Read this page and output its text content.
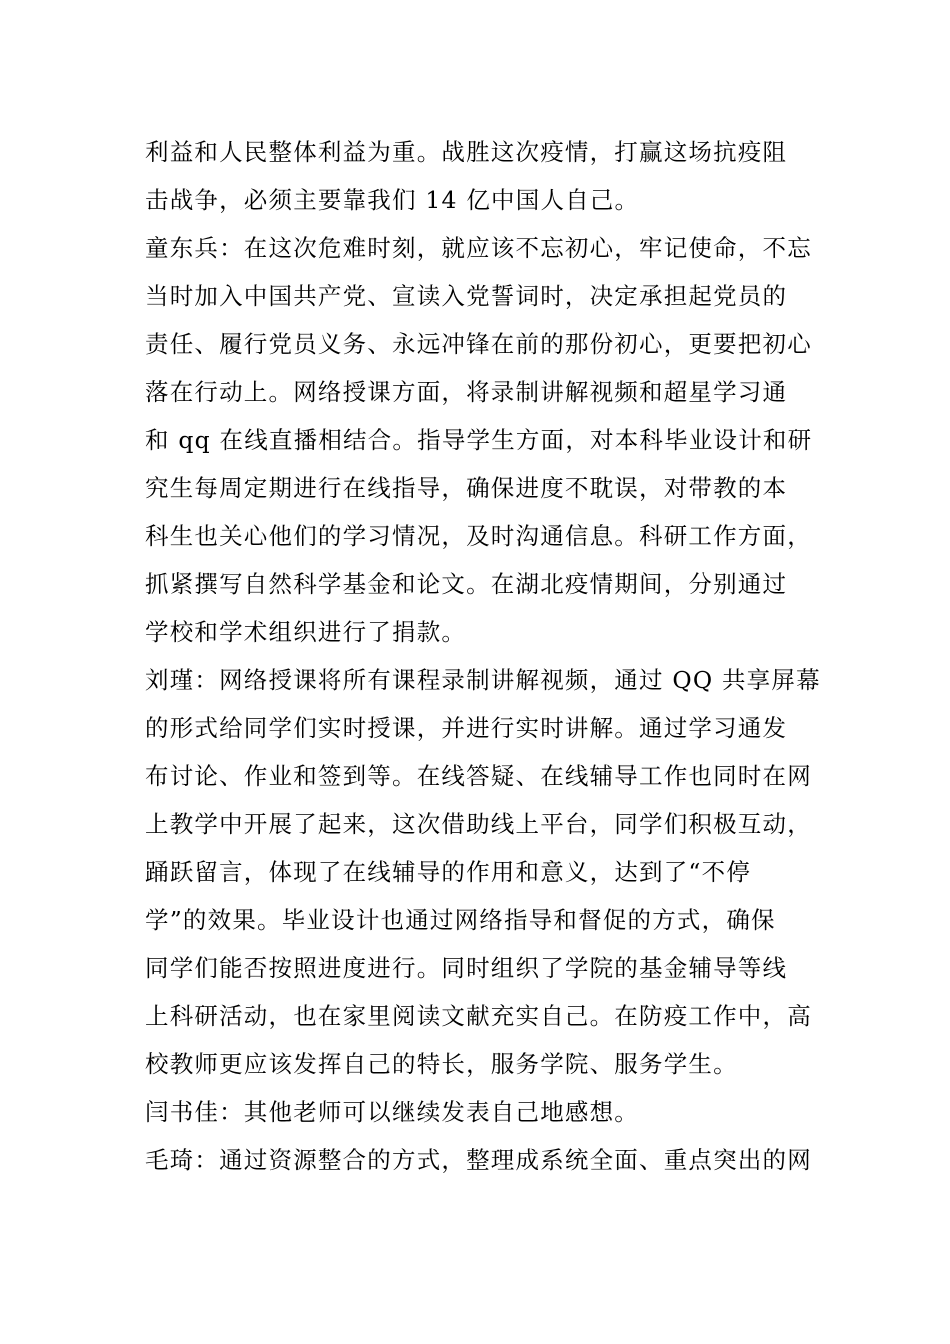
利益和人民整体利益为重。战胜这次疫情，打赢这场抗疫阻
击战争，必须主要靠我们 14 亿中国人自己。
童东兵：在这次危难时刻，就应该不忘初心，牢记使命，不忘
当时加入中国共产党、宣读入党誓词时，决定承担起党员的
责任、履行党员义务、永远冲锋在前的那份初心，更要把初心
落在行动上。网络授课方面，将录制讲解视频和超星学习通
和 qq 在线直播相结合。指导学生方面，对本科毕业设计和研
究生每周定期进行在线指导，确保进度不耽误，对带教的本
科生也关心他们的学习情况，及时沟通信息。科研工作方面，
抓紧撰写自然科学基金和论文。在湖北疫情期间，分别通过
学校和学术组织进行了捐款。
刘瑾：网络授课将所有课程录制讲解视频，通过 QQ 共享屏幕
的形式给同学们实时授课，并进行实时讲解。通过学习通发
布讨论、作业和签到等。在线答疑、在线辅导工作也同时在网
上教学中开展了起来，这次借助线上平台，同学们积极互动，
踊跃留言，体现了在线辅导的作用和意义，达到了“不停
学”的效果。毕业设计也通过网络指导和督促的方式，确保
同学们能否按照进度进行。同时组织了学院的基金辅导等线
上科研活动，也在家里阅读文献充实自己。在防疫工作中，高
校教师更应该发挥自己的特长，服务学院、服务学生。
闫书佳：其他老师可以继续发表自己地感想。
毛琦：通过资源整合的方式，整理成系统全面、重点突出的网
